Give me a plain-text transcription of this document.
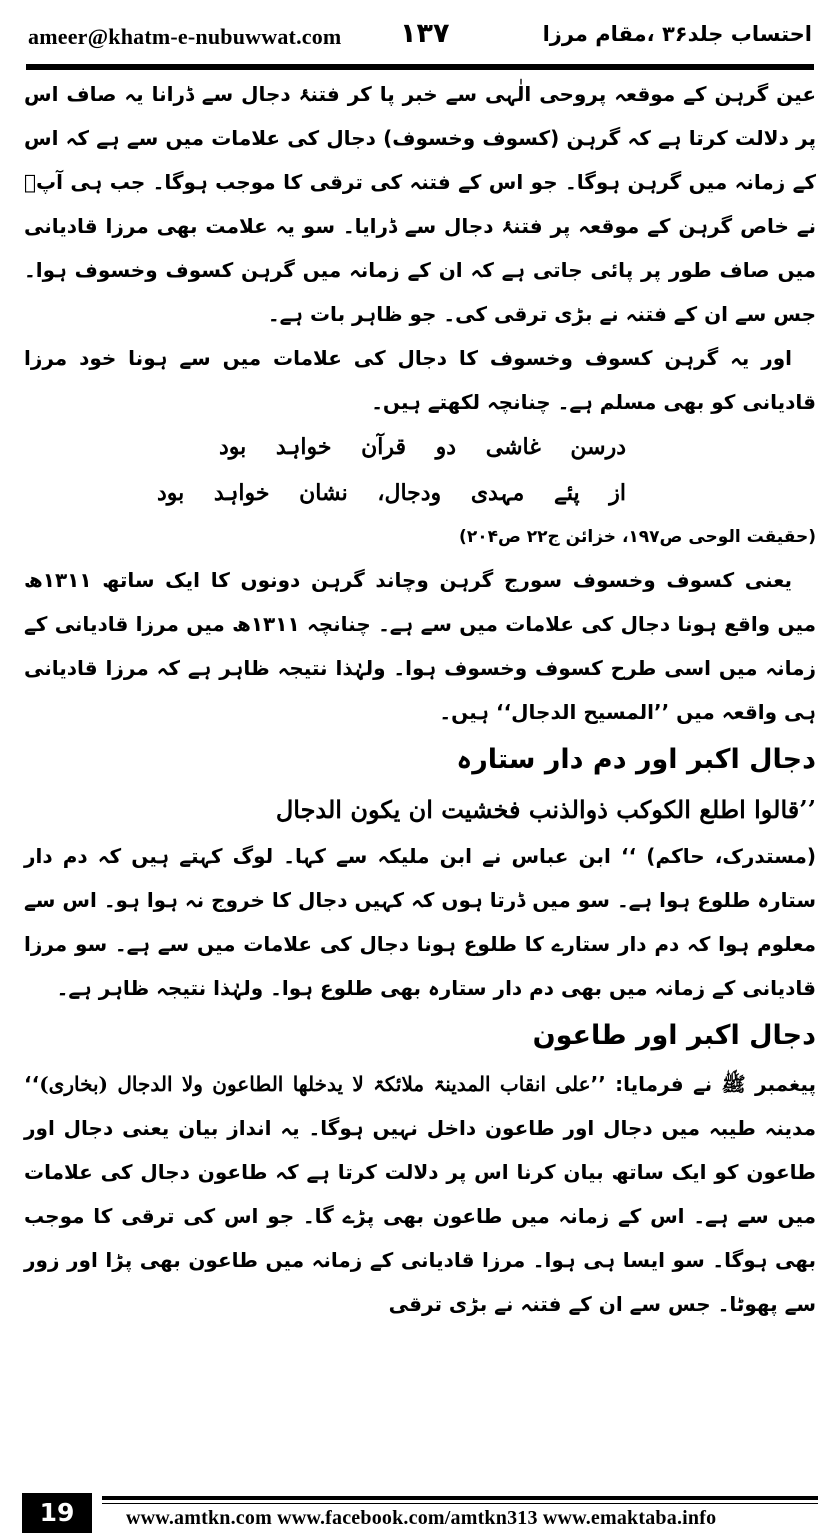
ameer@khatm-e-nubuwwat.com ۱۳۷	احتساب جلد۳۶ ،مقام مرزا

عین گرہن کے موقعہ پروحی الٰہی سے خبر پا کر فتنۂ دجال سے ڈرانا یہ صاف اس پر دلالت کرتا ہے کہ گرہن (کسوف وخسوف) دجال کی علامات میں سے ہے کہ اس کے زمانہ میں گرہن ہوگا۔ جو اس کے فتنہ کی ترقی کا موجب ہوگا۔ جب ہی آپؐ نے خاص گرہن کے موقعہ پر فتنۂ دجال سے ڈرایا۔ سو یہ علامت بھی مرزا قادیانی میں صاف طور پر پائی جاتی ہے کہ ان کے زمانہ میں گرہن کسوف وخسوف ہوا۔ جس سے ان کے فتنہ نے بڑی ترقی کی۔ جو ظاہر بات ہے۔

اور یہ گرہن کسوف وخسوف کا دجال کی علامات میں سے ہونا خود مرزا قادیانی کو بھی مسلم ہے۔ چنانچہ لکھتے ہیں۔

درسن غاشی دو قرآن خواہد بود
از پئے مہدی ودجال، نشان خواہد بود
(حقیقت الوحی ص۱۹۷، خزائن ج۲۲ ص۲۰۴)

یعنی کسوف وخسوف سورج گرہن وچاند گرہن دونوں کا ایک ساتھ ۱۳۱۱ھ میں واقع ہونا دجال کی علامات میں سے ہے۔ چنانچہ ۱۳۱۱ھ میں مرزا قادیانی کے زمانہ میں اسی طرح کسوف وخسوف ہوا۔ ولہٰذا نتیجہ ظاہر ہے کہ مرزا قادیانی ہی واقعہ میں ’’المسیح الدجال‘‘ ہیں۔

دجال اکبر اور دم دار ستارہ
’’قالوا اطلع الکوکب ذوالذنب فخشیت ان یکون الدجال

(مستدرک، حاکم) ‘‘ ابن عباس نے ابن ملیکہ سے کہا۔ لوگ کہتے ہیں کہ دم دار ستارہ طلوع ہوا ہے۔ سو میں ڈرتا ہوں کہ کہیں دجال کا خروج نہ ہوا ہو۔ اس سے معلوم ہوا کہ دم دار ستارے کا طلوع ہونا دجال کی علامات میں سے ہے۔ سو مرزا قادیانی کے زمانہ میں بھی دم دار ستارہ بھی طلوع ہوا۔ ولہٰذا نتیجہ ظاہر ہے۔

دجال اکبر اور طاعون

پیغمبر ﷺ نے فرمایا: ’’علی انقاب المدینۃ ملائکۃ لا یدخلھا الطاعون ولا الدجال (بخاری)‘‘ مدینہ طیبہ میں دجال اور طاعون داخل نہیں ہوگا۔ یہ انداز بیان یعنی دجال اور طاعون کو ایک ساتھ بیان کرنا اس پر دلالت کرتا ہے کہ طاعون دجال کی علامات میں سے ہے۔ اس کے زمانہ میں طاعون بھی پڑے گا۔ جو اس کی ترقی کا موجب بھی ہوگا۔ سو ایسا ہی ہوا۔ مرزا قادیانی کے زمانہ میں طاعون بھی پڑا اور زور سے پھوٹا۔ جس سے ان کے فتنہ نے بڑی ترقی

19	www.amtkn.com www.facebook.com/amtkn313 www.emaktaba.info
